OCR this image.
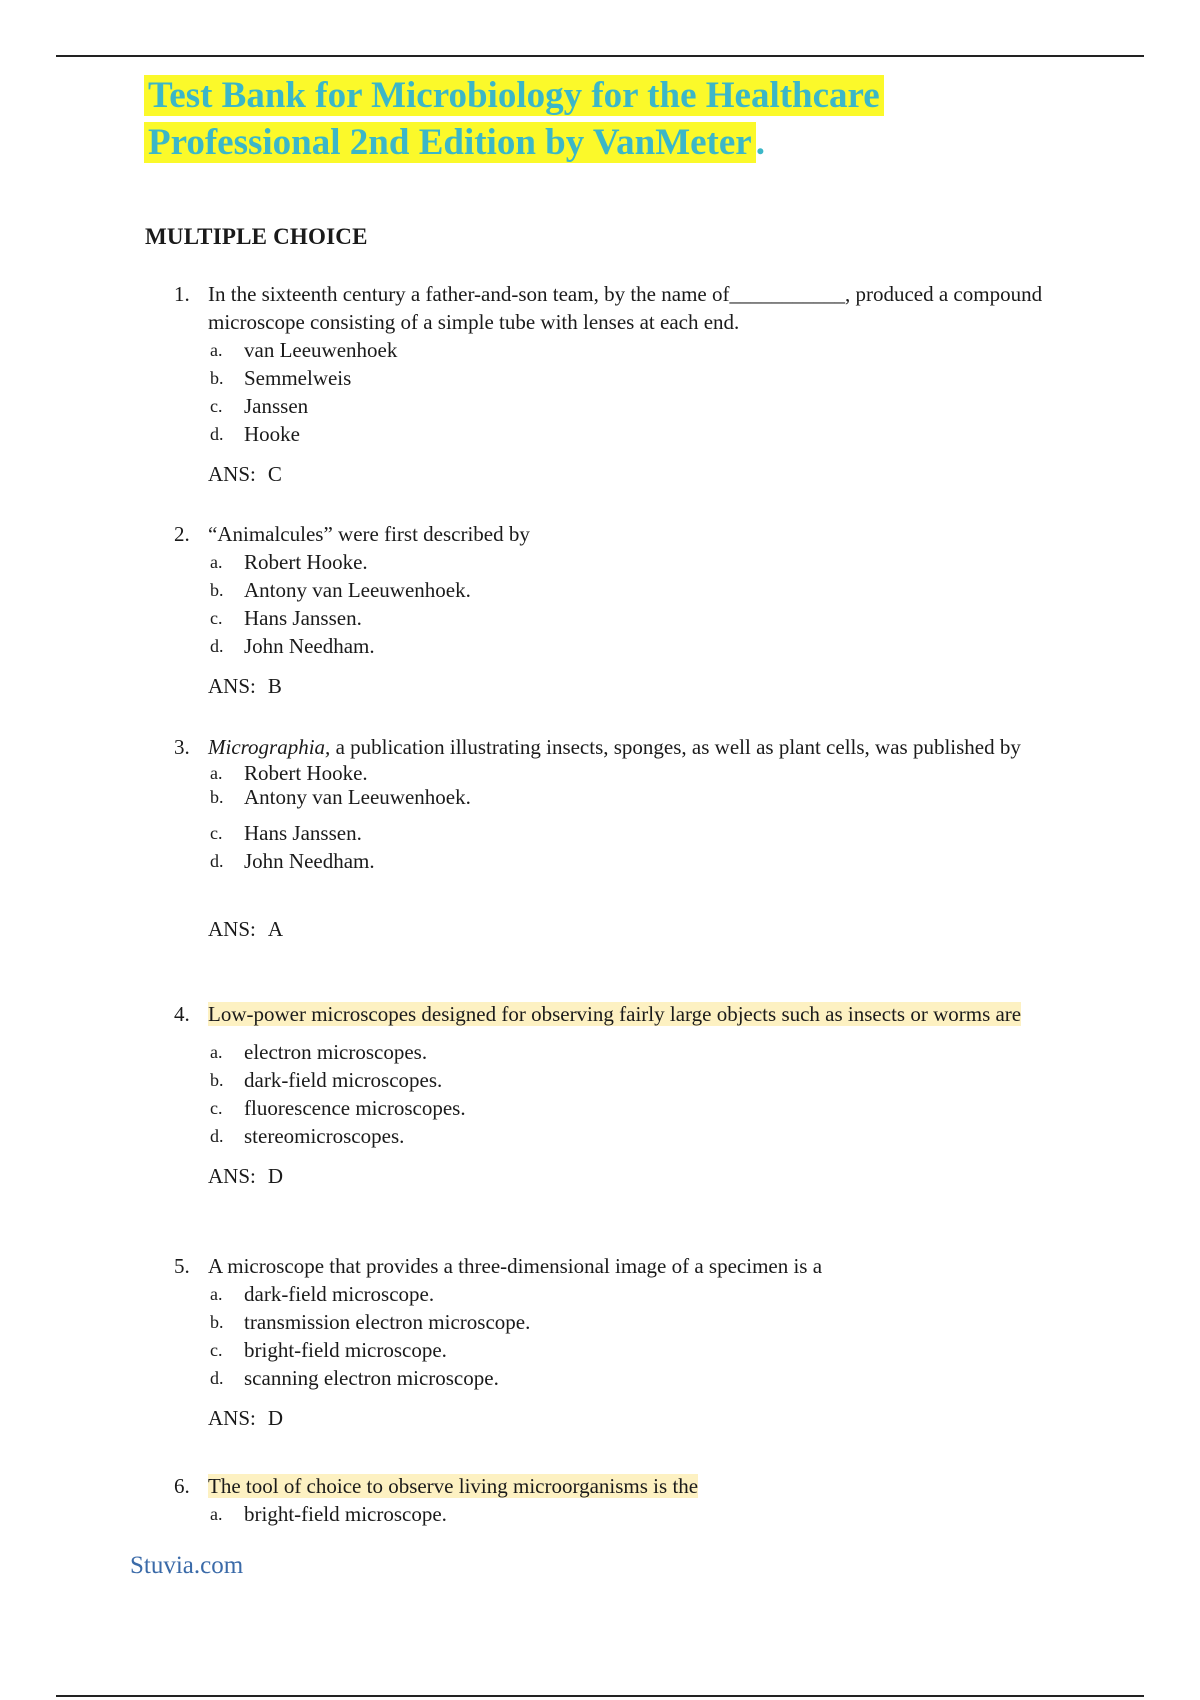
Test Bank for Microbiology for the Healthcare
Professional 2nd Edition by VanMeter .
MULTIPLE CHOICE
1. In the sixteenth century a father-and-son team, by the name of___________, produced a compound microscope consisting of a simple tube with lenses at each end.
a. van Leeuwenhoek
b. Semmelweis
c. Janssen
d. Hooke
ANS: C
2. “Animalcules” were first described by
a. Robert Hooke.
b. Antony van Leeuwenhoek.
c. Hans Janssen.
d. John Needham.
ANS: B
3. Micrographia, a publication illustrating insects, sponges, as well as plant cells, was published by
a. Robert Hooke.
b. Antony van Leeuwenhoek.
c. Hans Janssen.
d. John Needham.
ANS: A
4. Low-power microscopes designed for observing fairly large objects such as insects or worms are
a. electron microscopes.
b. dark-field microscopes.
c. fluorescence microscopes.
d. stereomicroscopes.
ANS: D
5. A microscope that provides a three-dimensional image of a specimen is a
a. dark-field microscope.
b. transmission electron microscope.
c. bright-field microscope.
d. scanning electron microscope.
ANS: D
6. The tool of choice to observe living microorganisms is the
a. bright-field microscope.
Stuvia.com
